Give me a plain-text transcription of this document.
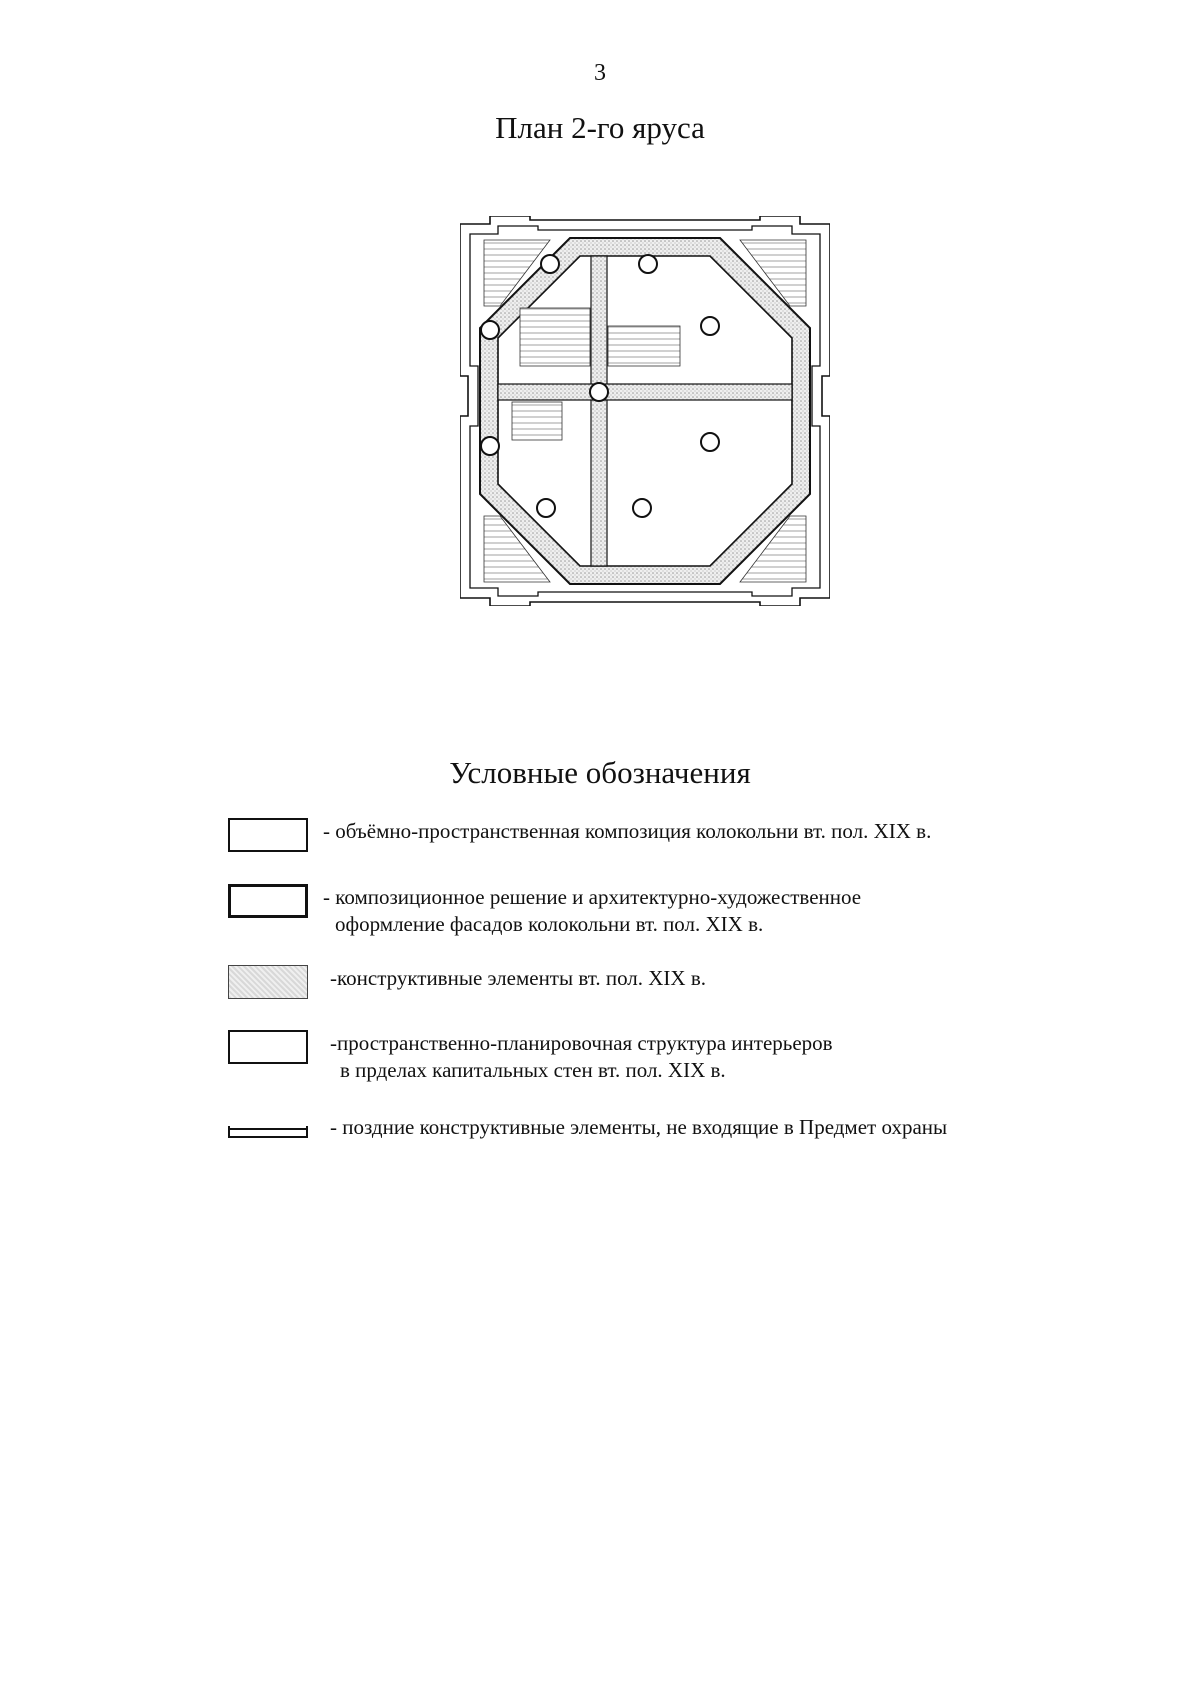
3
План 2-го яруса
Условные обозначения
- объёмно-пространственная композиция колокольни вт. пол. XIX в.
- композиционное решение и архитектурно-художественное
оформление фасадов колокольни вт. пол. XIX в.
-конструктивные элементы вт. пол. XIX в.
-пространственно-планировочная структура интерьеров
в прделах капитальных стен вт. пол. XIX в.
- поздние конструктивные элементы, не входящие в Предмет охраны
